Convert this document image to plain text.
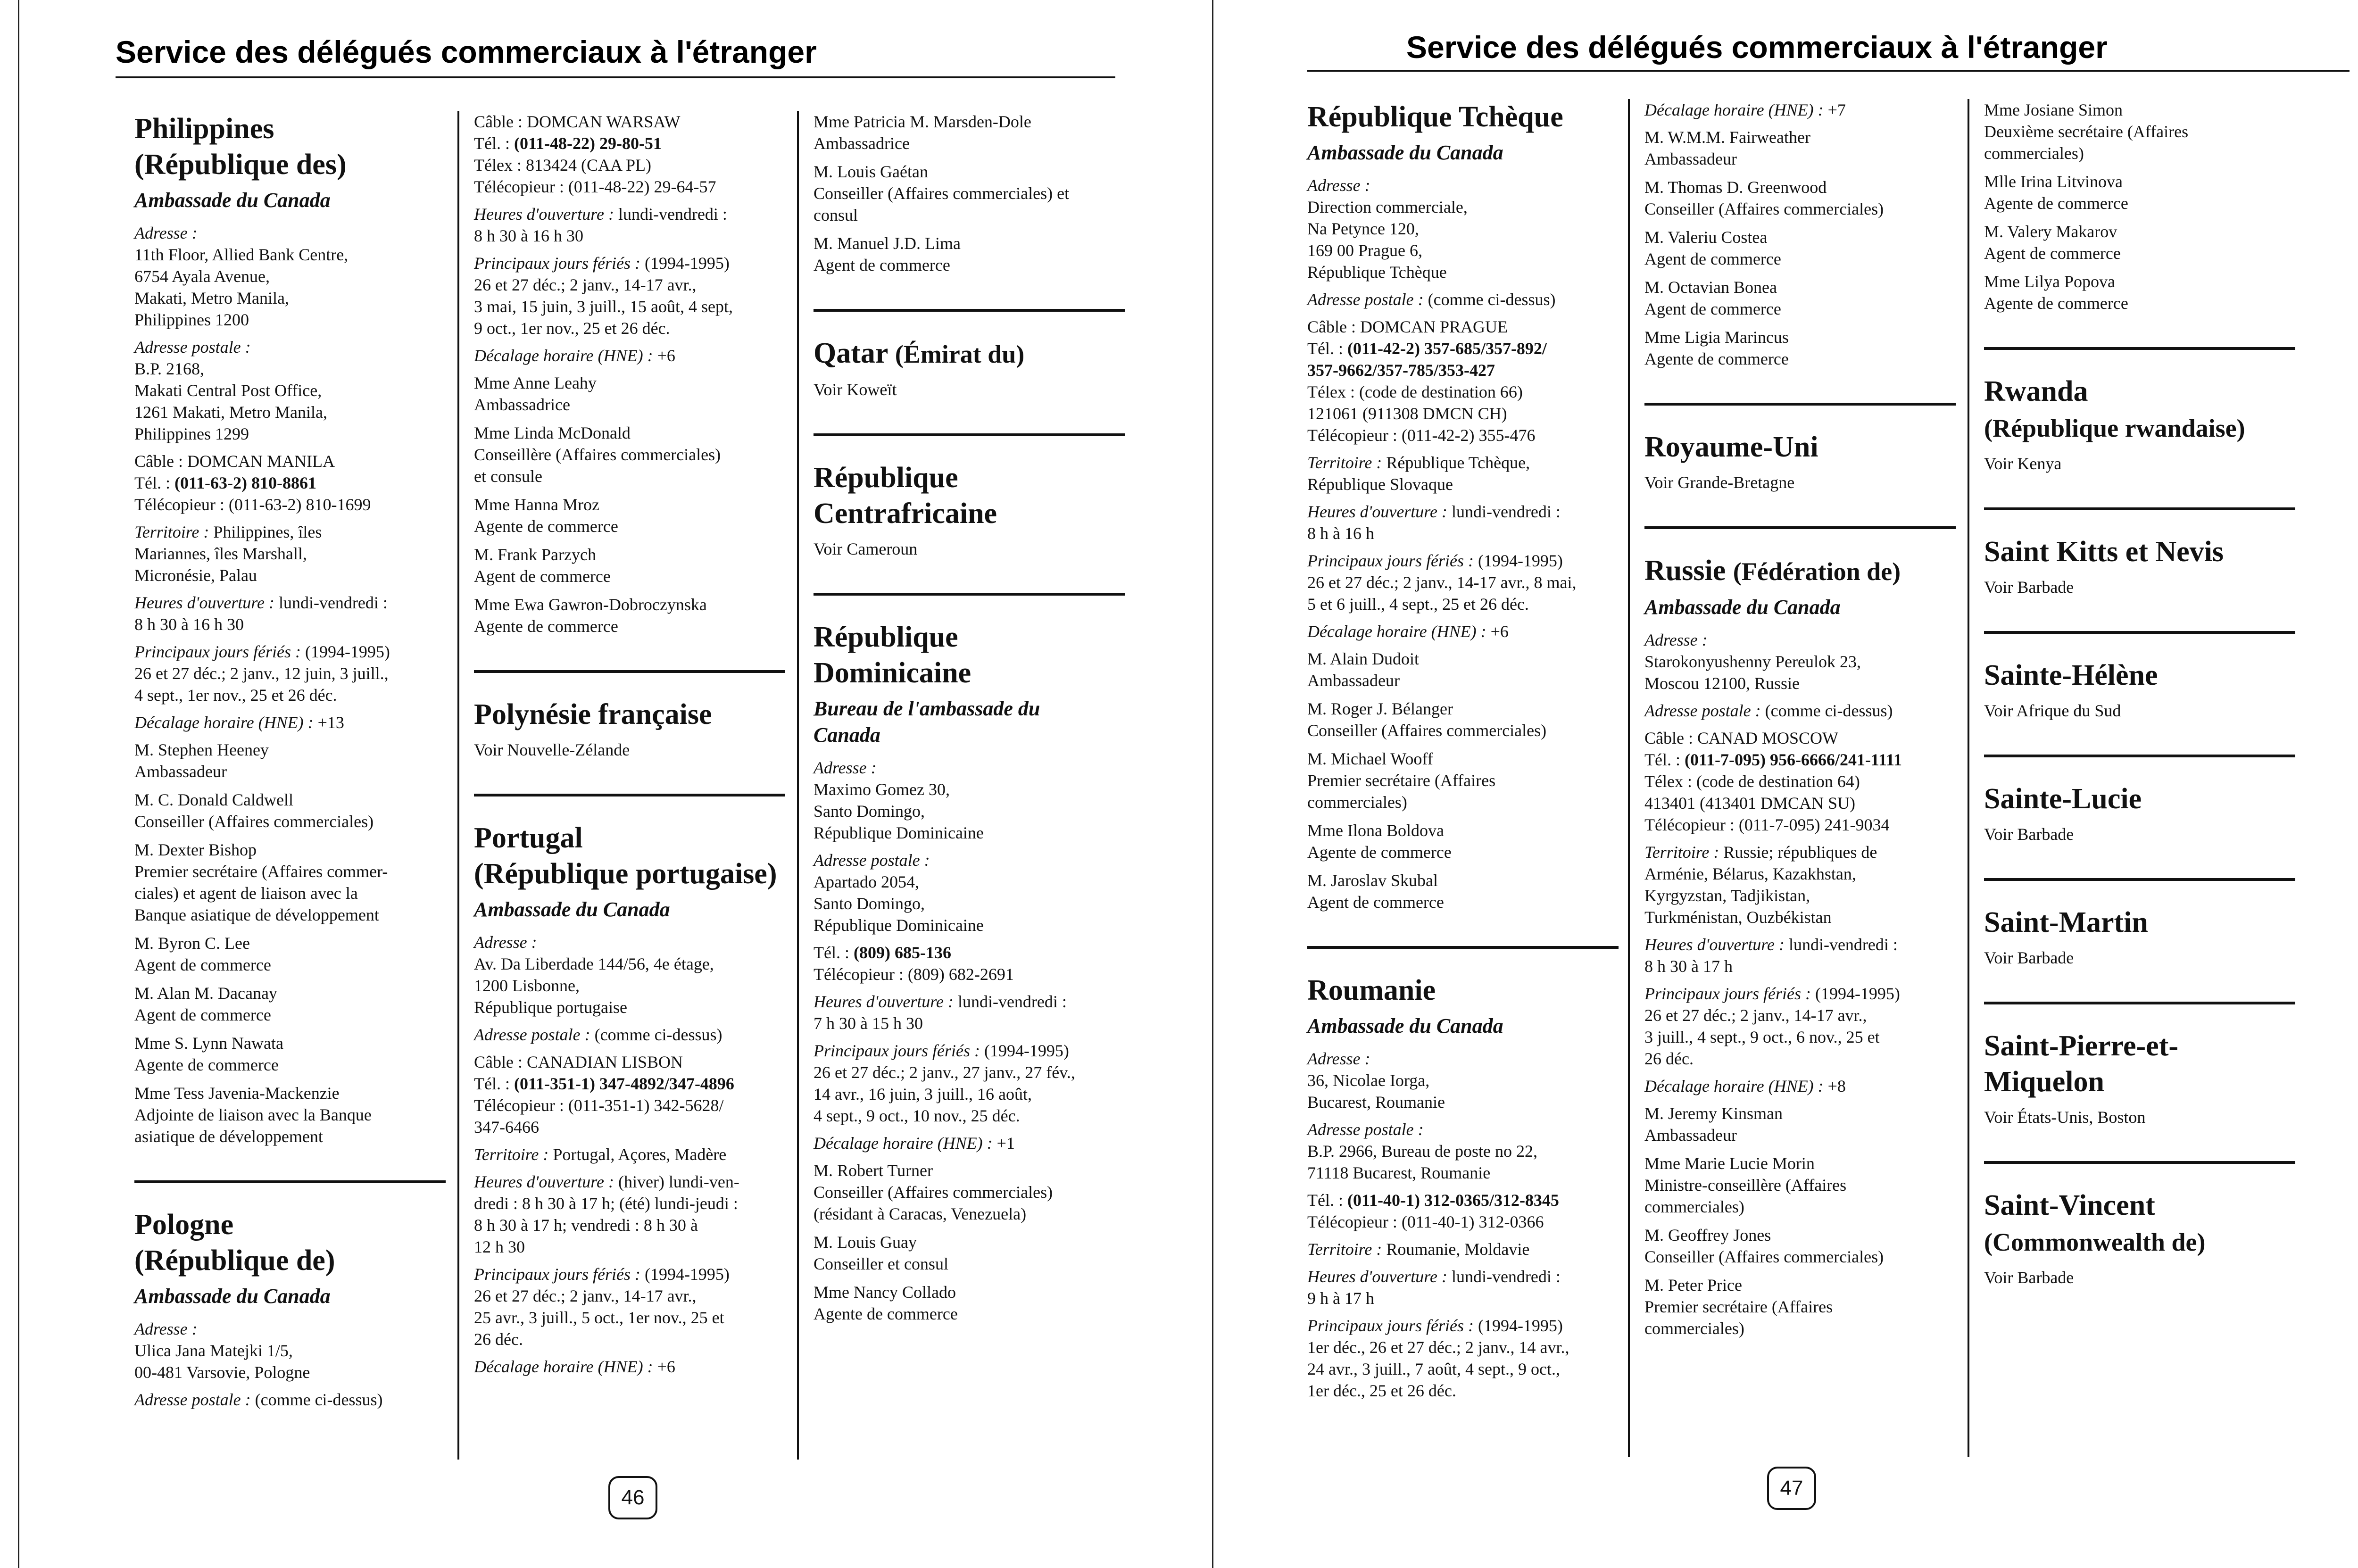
Service des délégués commerciaux à l'étranger
Philippines
(République des)
Ambassade du Canada
Adresse :
11th Floor, Allied Bank Centre,
6754 Ayala Avenue,
Makati, Metro Manila,
Philippines 1200
Adresse postale :
B.P. 2168,
Makati Central Post Office,
1261 Makati, Metro Manila,
Philippines 1299
Câble : DOMCAN MANILA
Tél. : (011-63-2) 810-8861
Télécopieur : (011-63-2) 810-1699
Territoire : Philippines, îles
Mariannes, îles Marshall,
Micronésie, Palau
Heures d'ouverture : lundi-vendredi :
8 h 30 à 16 h 30
Principaux jours fériés : (1994-1995)
26 et 27 déc.; 2 janv., 12 juin, 3 juill.,
4 sept., 1er nov., 25 et 26 déc.
Décalage horaire (HNE) : +13
M. Stephen Heeney
Ambassadeur
M. C. Donald Caldwell
Conseiller (Affaires commerciales)
M. Dexter Bishop
Premier secrétaire (Affaires commer-
ciales) et agent de liaison avec la
Banque asiatique de développement
M. Byron C. Lee
Agent de commerce
M. Alan M. Dacanay
Agent de commerce
Mme S. Lynn Nawata
Agente de commerce
Mme Tess Javenia-Mackenzie
Adjointe de liaison avec la Banque
asiatique de développement
Pologne
(République de)
Ambassade du Canada
Adresse :
Ulica Jana Matejki 1/5,
00-481 Varsovie, Pologne
Adresse postale : (comme ci-dessus)
Câble : DOMCAN WARSAW
Tél. : (011-48-22) 29-80-51
Télex : 813424 (CAA PL)
Télécopieur : (011-48-22) 29-64-57
Heures d'ouverture : lundi-vendredi :
8 h 30 à 16 h 30
Principaux jours fériés : (1994-1995)
26 et 27 déc.; 2 janv., 14-17 avr.,
3 mai, 15 juin, 3 juill., 15 août, 4 sept,
9 oct., 1er nov., 25 et 26 déc.
Décalage horaire (HNE) : +6
Mme Anne Leahy
Ambassadrice
Mme Linda McDonald
Conseillère (Affaires commerciales)
et consule
Mme Hanna Mroz
Agente de commerce
M. Frank Parzych
Agent de commerce
Mme Ewa Gawron-Dobroczynska
Agente de commerce
Polynésie française
Voir Nouvelle-Zélande
Portugal
(République portugaise)
Ambassade du Canada
Adresse :
Av. Da Liberdade 144/56, 4e étage,
1200 Lisbonne,
République portugaise
Adresse postale : (comme ci-dessus)
Câble : CANADIAN LISBON
Tél. : (011-351-1) 347-4892/347-4896
Télécopieur : (011-351-1) 342-5628/
347-6466
Territoire : Portugal, Açores, Madère
Heures d'ouverture : (hiver) lundi-ven-
dredi : 8 h 30 à 17 h; (été) lundi-jeudi :
8 h 30 à 17 h; vendredi : 8 h 30 à
12 h 30
Principaux jours fériés : (1994-1995)
26 et 27 déc.; 2 janv., 14-17 avr.,
25 avr., 3 juill., 5 oct., 1er nov., 25 et
26 déc.
Décalage horaire (HNE) : +6
Mme Patricia M. Marsden-Dole
Ambassadrice
M. Louis Gaétan
Conseiller (Affaires commerciales) et
consul
M. Manuel J.D. Lima
Agent de commerce
Qatar (Émirat du)
Voir Koweït
République
Centrafricaine
Voir Cameroun
République
Dominicaine
Bureau de l'ambassade du
Canada
Adresse :
Maximo Gomez 30,
Santo Domingo,
République Dominicaine
Adresse postale :
Apartado 2054,
Santo Domingo,
République Dominicaine
Tél. : (809) 685-136
Télécopieur : (809) 682-2691
Heures d'ouverture : lundi-vendredi :
7 h 30 à 15 h 30
Principaux jours fériés : (1994-1995)
26 et 27 déc.; 2 janv., 27 janv., 27 fév.,
14 avr., 16 juin, 3 juill., 16 août,
4 sept., 9 oct., 10 nov., 25 déc.
Décalage horaire (HNE) : +1
M. Robert Turner
Conseiller (Affaires commerciales)
(résidant à Caracas, Venezuela)
M. Louis Guay
Conseiller et consul
Mme Nancy Collado
Agente de commerce
46
Service des délégués commerciaux à l'étranger
République Tchèque
Ambassade du Canada
Adresse :
Direction commerciale,
Na Petynce 120,
169 00 Prague 6,
République Tchèque
Adresse postale : (comme ci-dessus)
Câble : DOMCAN PRAGUE
Tél. : (011-42-2) 357-685/357-892/
357-9662/357-785/353-427
Télex : (code de destination 66)
121061 (911308 DMCN CH)
Télécopieur : (011-42-2) 355-476
Territoire : République Tchèque,
République Slovaque
Heures d'ouverture : lundi-vendredi :
8 h à 16 h
Principaux jours fériés : (1994-1995)
26 et 27 déc.; 2 janv., 14-17 avr., 8 mai,
5 et 6 juill., 4 sept., 25 et 26 déc.
Décalage horaire (HNE) : +6
M. Alain Dudoit
Ambassadeur
M. Roger J. Bélanger
Conseiller (Affaires commerciales)
M. Michael Wooff
Premier secrétaire (Affaires
commerciales)
Mme Ilona Boldova
Agente de commerce
M. Jaroslav Skubal
Agent de commerce
Roumanie
Ambassade du Canada
Adresse :
36, Nicolae Iorga,
Bucarest, Roumanie
Adresse postale :
B.P. 2966, Bureau de poste no 22,
71118 Bucarest, Roumanie
Tél. : (011-40-1) 312-0365/312-8345
Télécopieur : (011-40-1) 312-0366
Territoire : Roumanie, Moldavie
Heures d'ouverture : lundi-vendredi :
9 h à 17 h
Principaux jours fériés : (1994-1995)
1er déc., 26 et 27 déc.; 2 janv., 14 avr.,
24 avr., 3 juill., 7 août, 4 sept., 9 oct.,
1er déc., 25 et 26 déc.
Décalage horaire (HNE) : +7
M. W.M.M. Fairweather
Ambassadeur
M. Thomas D. Greenwood
Conseiller (Affaires commerciales)
M. Valeriu Costea
Agent de commerce
M. Octavian Bonea
Agent de commerce
Mme Ligia Marincus
Agente de commerce
Royaume-Uni
Voir Grande-Bretagne
Russie (Fédération de)
Ambassade du Canada
Adresse :
Starokonyushenny Pereulok 23,
Moscou 12100, Russie
Adresse postale : (comme ci-dessus)
Câble : CANAD MOSCOW
Tél. : (011-7-095) 956-6666/241-1111
Télex : (code de destination 64)
413401 (413401 DMCAN SU)
Télécopieur : (011-7-095) 241-9034
Territoire : Russie; républiques de
Arménie, Bélarus, Kazakhstan,
Kyrgyzstan, Tadjikistan,
Turkménistan, Ouzbékistan
Heures d'ouverture : lundi-vendredi :
8 h 30 à 17 h
Principaux jours fériés : (1994-1995)
26 et 27 déc.; 2 janv., 14-17 avr.,
3 juill., 4 sept., 9 oct., 6 nov., 25 et
26 déc.
Décalage horaire (HNE) : +8
M. Jeremy Kinsman
Ambassadeur
Mme Marie Lucie Morin
Ministre-conseillère (Affaires
commerciales)
M. Geoffrey Jones
Conseiller (Affaires commerciales)
M. Peter Price
Premier secrétaire (Affaires
commerciales)
Mme Josiane Simon
Deuxième secrétaire (Affaires
commerciales)
Mlle Irina Litvinova
Agente de commerce
M. Valery Makarov
Agent de commerce
Mme Lilya Popova
Agente de commerce
Rwanda
(République rwandaise)
Voir Kenya
Saint Kitts et Nevis
Voir Barbade
Sainte-Hélène
Voir Afrique du Sud
Sainte-Lucie
Voir Barbade
Saint-Martin
Voir Barbade
Saint-Pierre-et-
Miquelon
Voir États-Unis, Boston
Saint-Vincent
(Commonwealth de)
Voir Barbade
47
